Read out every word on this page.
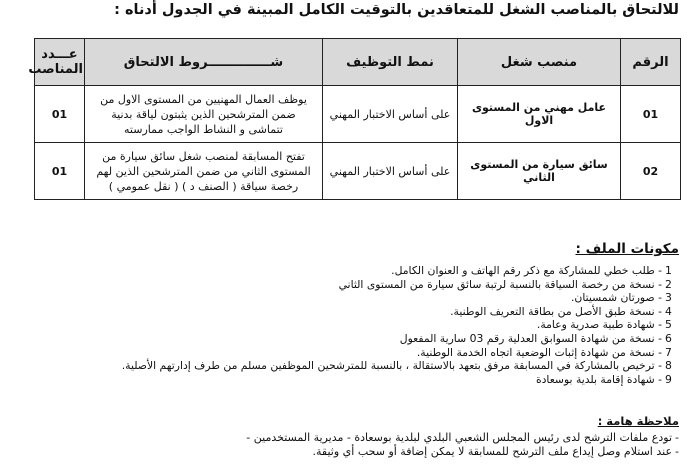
للالتحاق بالمناصب الشغل للمتعاقدين بالتوقيت الكامل المبينة في الجدول أدناه :
الرقم	منصب شغل	نمط التوظيف	شــــــــــــــروط الالتحاق	عـــدد
المناصب

01	عامل مهني من المستوى الاول	على أساس الاختبار المهني	يوظف العمال المهنيين من المستوى الاول من
ضمن المترشحين الذين يثبتون لياقة بدنية
تتماشى و النشاط الواجب ممارسته	01
02	سائق سيارة من المستوى الثاني	على أساس الاختبار المهني	تفتح المسابقة لمنصب شغل سائق سيارة من
المستوى الثاني من ضمن المترشحين الذين لهم
رخصة سياقة ( الصنف د ) ( نقل عمومي )	01
مكونات الملف :
1- طلب خطي للمشاركة مع ذكر رقم الهاتف و العنوان الكامل.
2- نسخة من رخصة السياقة بالنسبة لرتبة سائق سيارة من المستوى الثاني
3- صورتان شمسيتان.
4- نسخة طبق الأصل من بطاقة التعريف الوطنية.
5- شهادة طبية صدرية وعامة.
6- نسخة من شهادة السوابق العدلية رقم 03 سارية المفعول
7- نسخة من شهادة إثبات الوضعية اتجاه الخدمة الوطنية.
8- ترخيص بالمشاركة في المسابقة مرفق بتعهد بالاستقالة ، بالنسبة للمترشحين الموظفين مسلم من طرف إدارتهم الأصلية.
9- شهادة إقامة بلدية بوسعادة
ملاحظة هامة :
-تودع ملفات الترشح لدى رئيس المجلس الشعبي البلدي لبلدية بوسعادة - مديرية المستخدمين -
-عند استلام وصل إيداع ملف الترشح للمسابقة لا يمكن إضافة أو سحب أي وثيقة.
